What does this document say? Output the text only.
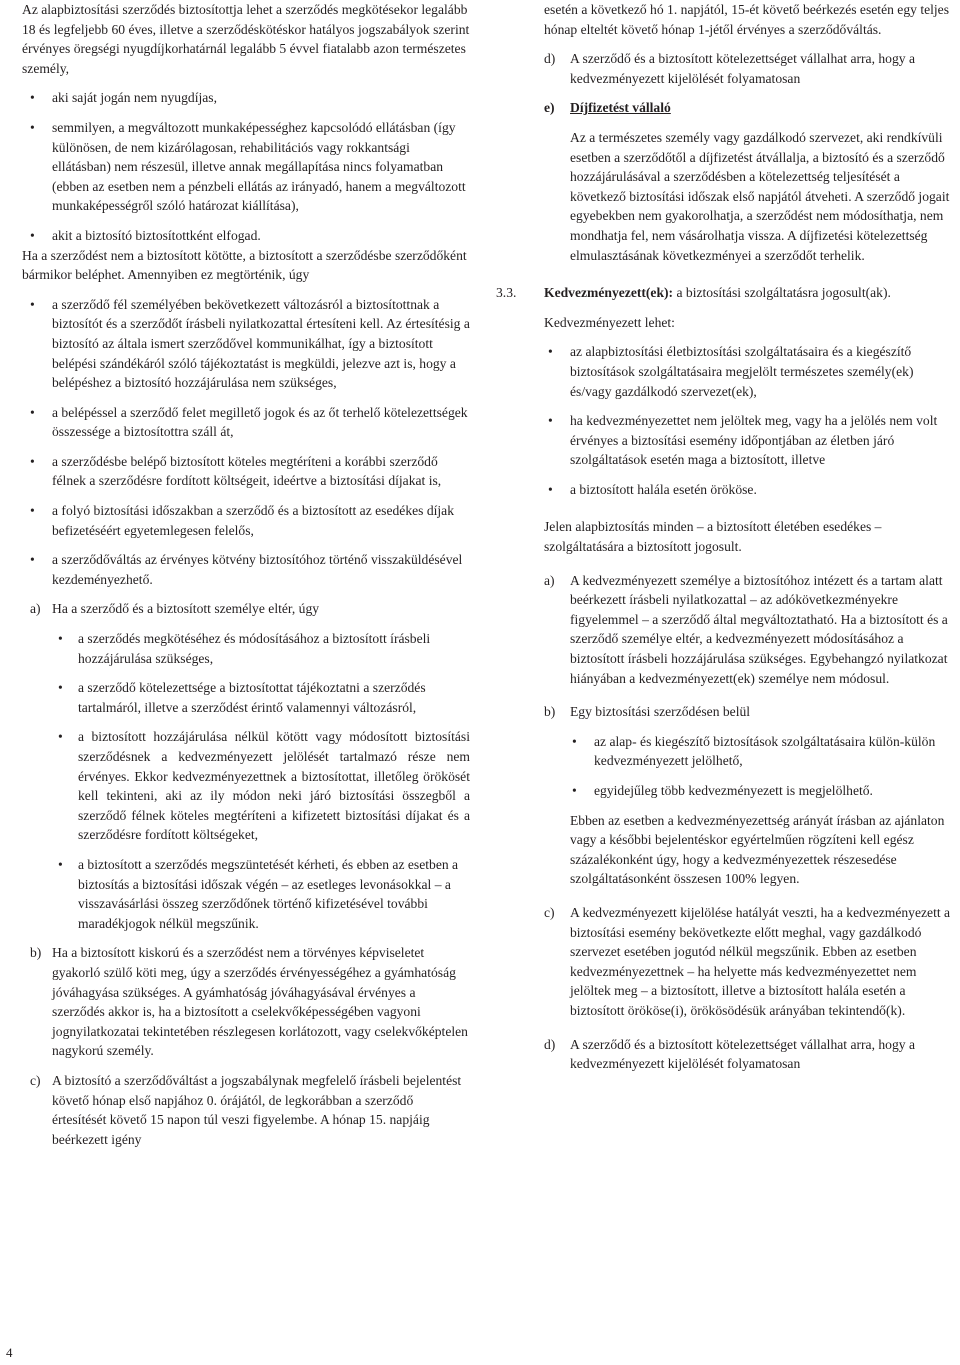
Az alapbiztosítási szerződés biztosítottja lehet a szerződés megkötésekor legalább 18 és legfeljebb 60 éves, illetve a szerződéskötéskor hatályos jogszabályok szerint érvényes öregségi nyugdíjkorhatárnál legalább 5 évvel fiatalabb azon természetes személy,

• aki saját jogán nem nyugdíjas,

• semmilyen, a megváltozott munkaképességhez kapcsolódó ellátásban (így különösen, de nem kizárólagosan, rehabilitációs vagy rokkantsági ellátásban) nem részesül, illetve annak megállapítása nincs folyamatban (ebben az esetben nem a pénzbeli ellátás az irányadó, hanem a megváltozott munkaképességről szóló határozat kiállítása),

• akit a biztosító biztosítottként elfogad.

Ha a szerződést nem a biztosított kötötte, a biztosított a szerződésbe szerződőként bármikor beléphet. Amennyiben ez megtörténik, úgy

• a szerződő fél személyében bekövetkezett változásról a biztosítottnak a biztosítót és a szerződőt írásbeli nyilatkozattal értesíteni kell. Az értesítésig a biztosító az általa ismert szerződővel kommunikálhat, így a biztosított belépési szándékáról szóló tájékoztatást is megküldi, jelezve azt is, hogy a belépéshez a biztosító hozzájárulása nem szükséges,

• a belépéssel a szerződő felet megillető jogok és az őt terhelő kötelezettségek összessége a biztosítottra száll át,

• a szerződésbe belépő biztosított köteles megtéríteni a korábbi szerződő félnek a szerződésre fordított költségeit, ideértve a biztosítási díjakat is,

• a folyó biztosítási időszakban a szerződő és a biztosított az esedékes díjak befizetéséért egyetemlegesen felelős,

• a szerződőváltás az érvényes kötvény biztosítóhoz történő visszaküldésével kezdeményezhető.

a) Ha a szerződő és a biztosított személye eltér, úgy

• a szerződés megkötéséhez és módosításához a biztosított írásbeli hozzájárulása szükséges,

• a szerződő kötelezettsége a biztosítottat tájékoztatni a szerződés tartalmáról, illetve a szerződést érintő valamennyi változásról,

• a biztosított hozzájárulása nélkül kötött vagy módosított biztosítási szerződésnek a kedvezményezett jelölését tartalmazó része nem érvényes. Ekkor kedvezményezettnek a biztosítottat, illetőleg örökösét kell tekinteni, aki az ily módon neki járó biztosítási összegből a szerződő félnek köteles megtéríteni a kifizetett biztosítási díjakat és a szerződésre fordított költségeket,

• a biztosított a szerződés megszüntetését kérheti, és ebben az esetben a biztosítás a biztosítási időszak végén – az esetleges levonásokkal – a visszavásárlási összeg szerződőnek történő kifizetésével további maradékjogok nélkül megszűnik.

b) Ha a biztosított kiskorú és a szerződést nem a törvényes képviseletet gyakorló szülő köti meg, úgy a szerződés érvényességéhez a gyámhatóság jóváhagyása szükséges. A gyámhatóság jóváhagyásával érvényes a szerződés akkor is, ha a biztosított a cselekvőképességében vagyoni jognyilatkozatai tekintetében részlegesen korlátozott, vagy cselekvőképtelen nagykorú személy.
c) A biztosító a szerződőváltást a jogszabálynak megfelelő írásbeli bejelentést követő hónap első napjához 0. órájától, de legkorábban a szerződő értesítését követő 15 napon túl veszi figyelembe. A hónap 15. napjáig beérkezett igény

esetén a következő hó 1. napjától, 15-ét követő beérkezés esetén egy teljes hónap elteltét követő hónap 1-jétől érvényes a szerződőváltás.

d) A szerződő és a biztosított kötelezettséget vállalhat arra, hogy a kedvezményezett kijelölését folyamatosan
e) Díjfizetést vállaló

Az a természetes személy vagy gazdálkodó szervezet, aki rendkívüli esetben a szerződőtől a díjfizetést átvállalja, a biztosító és a szerződő hozzájárulásával a szerződésben a kötelezettség teljesítését a következő biztosítási időszak első napjától átveheti. A szerződő jogait egyebekben nem gyakorolhatja, a szerződést nem módosíthatja, nem mondhatja fel, nem vásárolhatja vissza. A díjfizetési kötelezettség elmulasztásának következményei a szerződőt terhelik.

3.3. Kedvezményezett(ek): a biztosítási szolgáltatásra jogosult(ak).

Kedvezményezett lehet:

• az alapbiztosítási életbiztosítási szolgáltatásaira és a kiegészítő biztosítások szolgáltatásaira megjelölt természetes személy(ek) és/vagy gazdálkodó szervezet(ek),

• ha kedvezményezettet nem jelöltek meg, vagy ha a jelölés nem volt érvényes a biztosítási esemény időpontjában az életben járó szolgáltatások esetén maga a biztosított, illetve

• a biztosított halála esetén örököse.

Jelen alapbiztosítás minden – a biztosított életében esedékes – szolgáltatására a biztosított jogosult.

a) A kedvezményezett személye a biztosítóhoz intézett és a tartam alatt beérkezett írásbeli nyilatkozattal – az adókövetkezményekre figyelemmel – a szerződő által megváltoztatható. Ha a biztosított és a szerződő személye eltér, a kedvezményezett módosításához a biztosított írásbeli hozzájárulása szükséges. Egybehangzó nyilatkozat hiányában a kedvezményezett(ek) személye nem módosul.
b) Egy biztosítási szerződésen belül

• az alap- és kiegészítő biztosítások szolgáltatásaira külön-külön kedvezményezett jelölhető,

• egyidejűleg több kedvezményezett is megjelölhető.

Ebben az esetben a kedvezményezettség arányát írásban az ajánlaton vagy a későbbi bejelentéskor egyértelműen rögzíteni kell egész százalékonként úgy, hogy a kedvezményezettek részesedése szolgáltatásonként összesen 100% legyen.

c) A kedvezményezett kijelölése hatályát veszti, ha a kedvezményezett a biztosítási esemény bekövetkezte előtt meghal, vagy gazdálkodó szervezet esetében jogutód nélkül megszűnik. Ebben az esetben kedvezményezettnek – ha helyette más kedvezményezettet nem jelöltek meg – a biztosított, illetve a biztosított halála esetén a biztosított örököse(i), örökösödésük arányában tekintendő(k).
d) A szerződő és a biztosított kötelezettséget vállalhat arra, hogy a kedvezményezett kijelölését folyamatosan
4
